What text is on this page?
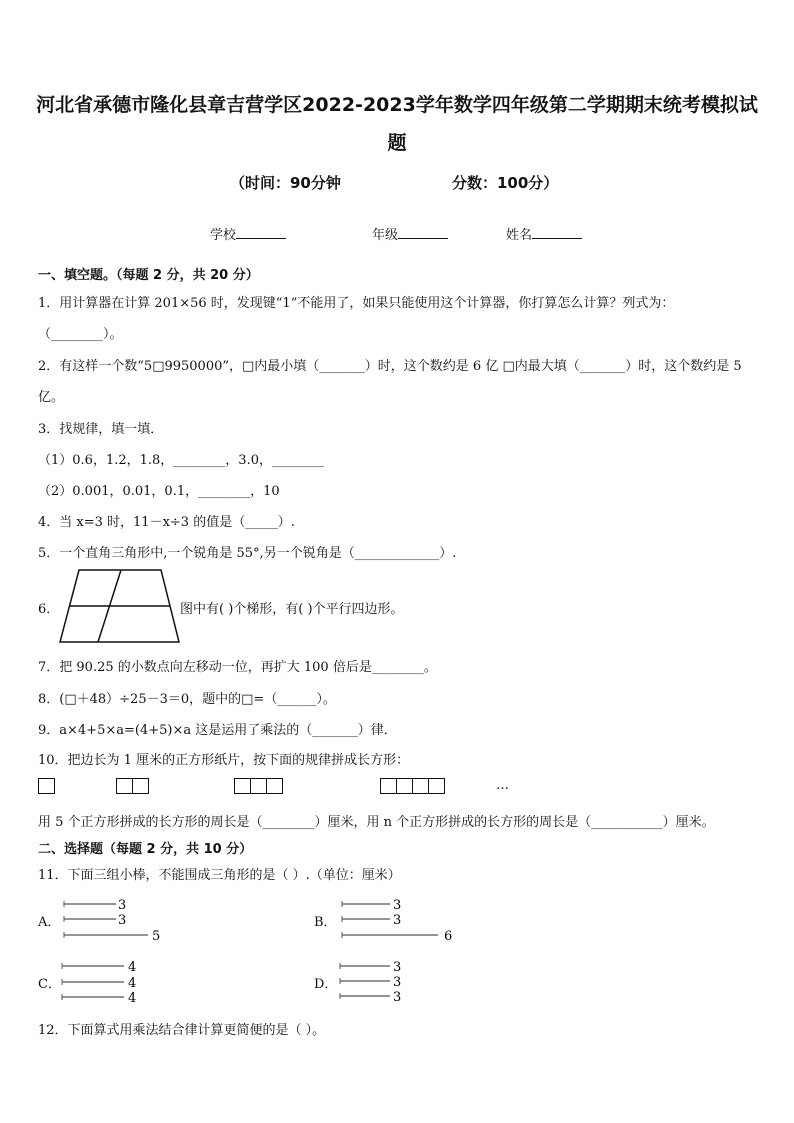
河北省承德市隆化县章吉营学区2022-2023学年数学四年级第二学期期末统考模拟试
题
（时间：90分钟	分数：100分）
学校	年级	姓名
一、填空题。（每题 2 分，共 20 分）
1．用计算器在计算 201×56 时，发现键“1”不能用了，如果只能使用这个计算器，你打算怎么计算？列式为：
（________）。
2．有这样一个数“5□9950000”，□内最小填（_______）时，这个数约是 6 亿 □内最大填（_______）时，这个数约是 5
亿。
3．找规律，填一填．
（1）0.6，1.2，1.8，________，3.0，________
（2）0.001，0.01，0.1，________，10
4．当 x=3 时，11－x÷3 的值是（_____）.
5．一个直角三角形中,一个锐角是 55°,另一个锐角是（_____________）.
6．	图中有( )个梯形，有( )个平行四边形。
7．把 90.25 的小数点向左移动一位，再扩大 100 倍后是________。
8．(□＋48）÷25－3＝0，题中的□=（______）。
9．a×4+5×a=(4+5)×a 这是运用了乘法的（_______）律．
10．把边长为 1 厘米的正方形纸片，按下面的规律拼成长方形：
…
用 5 个正方形拼成的长方形的周长是（________）厘米，用 n 个正方形拼成的长方形的周长是（___________）厘米。
二、选择题（每题 2 分，共 10 分）
11．下面三组小棒，不能围成三角形的是（ ）.（单位：厘米）
A．
3
3
5
B．
3
3
6
C．
4
4
4
D．
3
3
3
12．下面算式用乘法结合律计算更简便的是（ ）。
